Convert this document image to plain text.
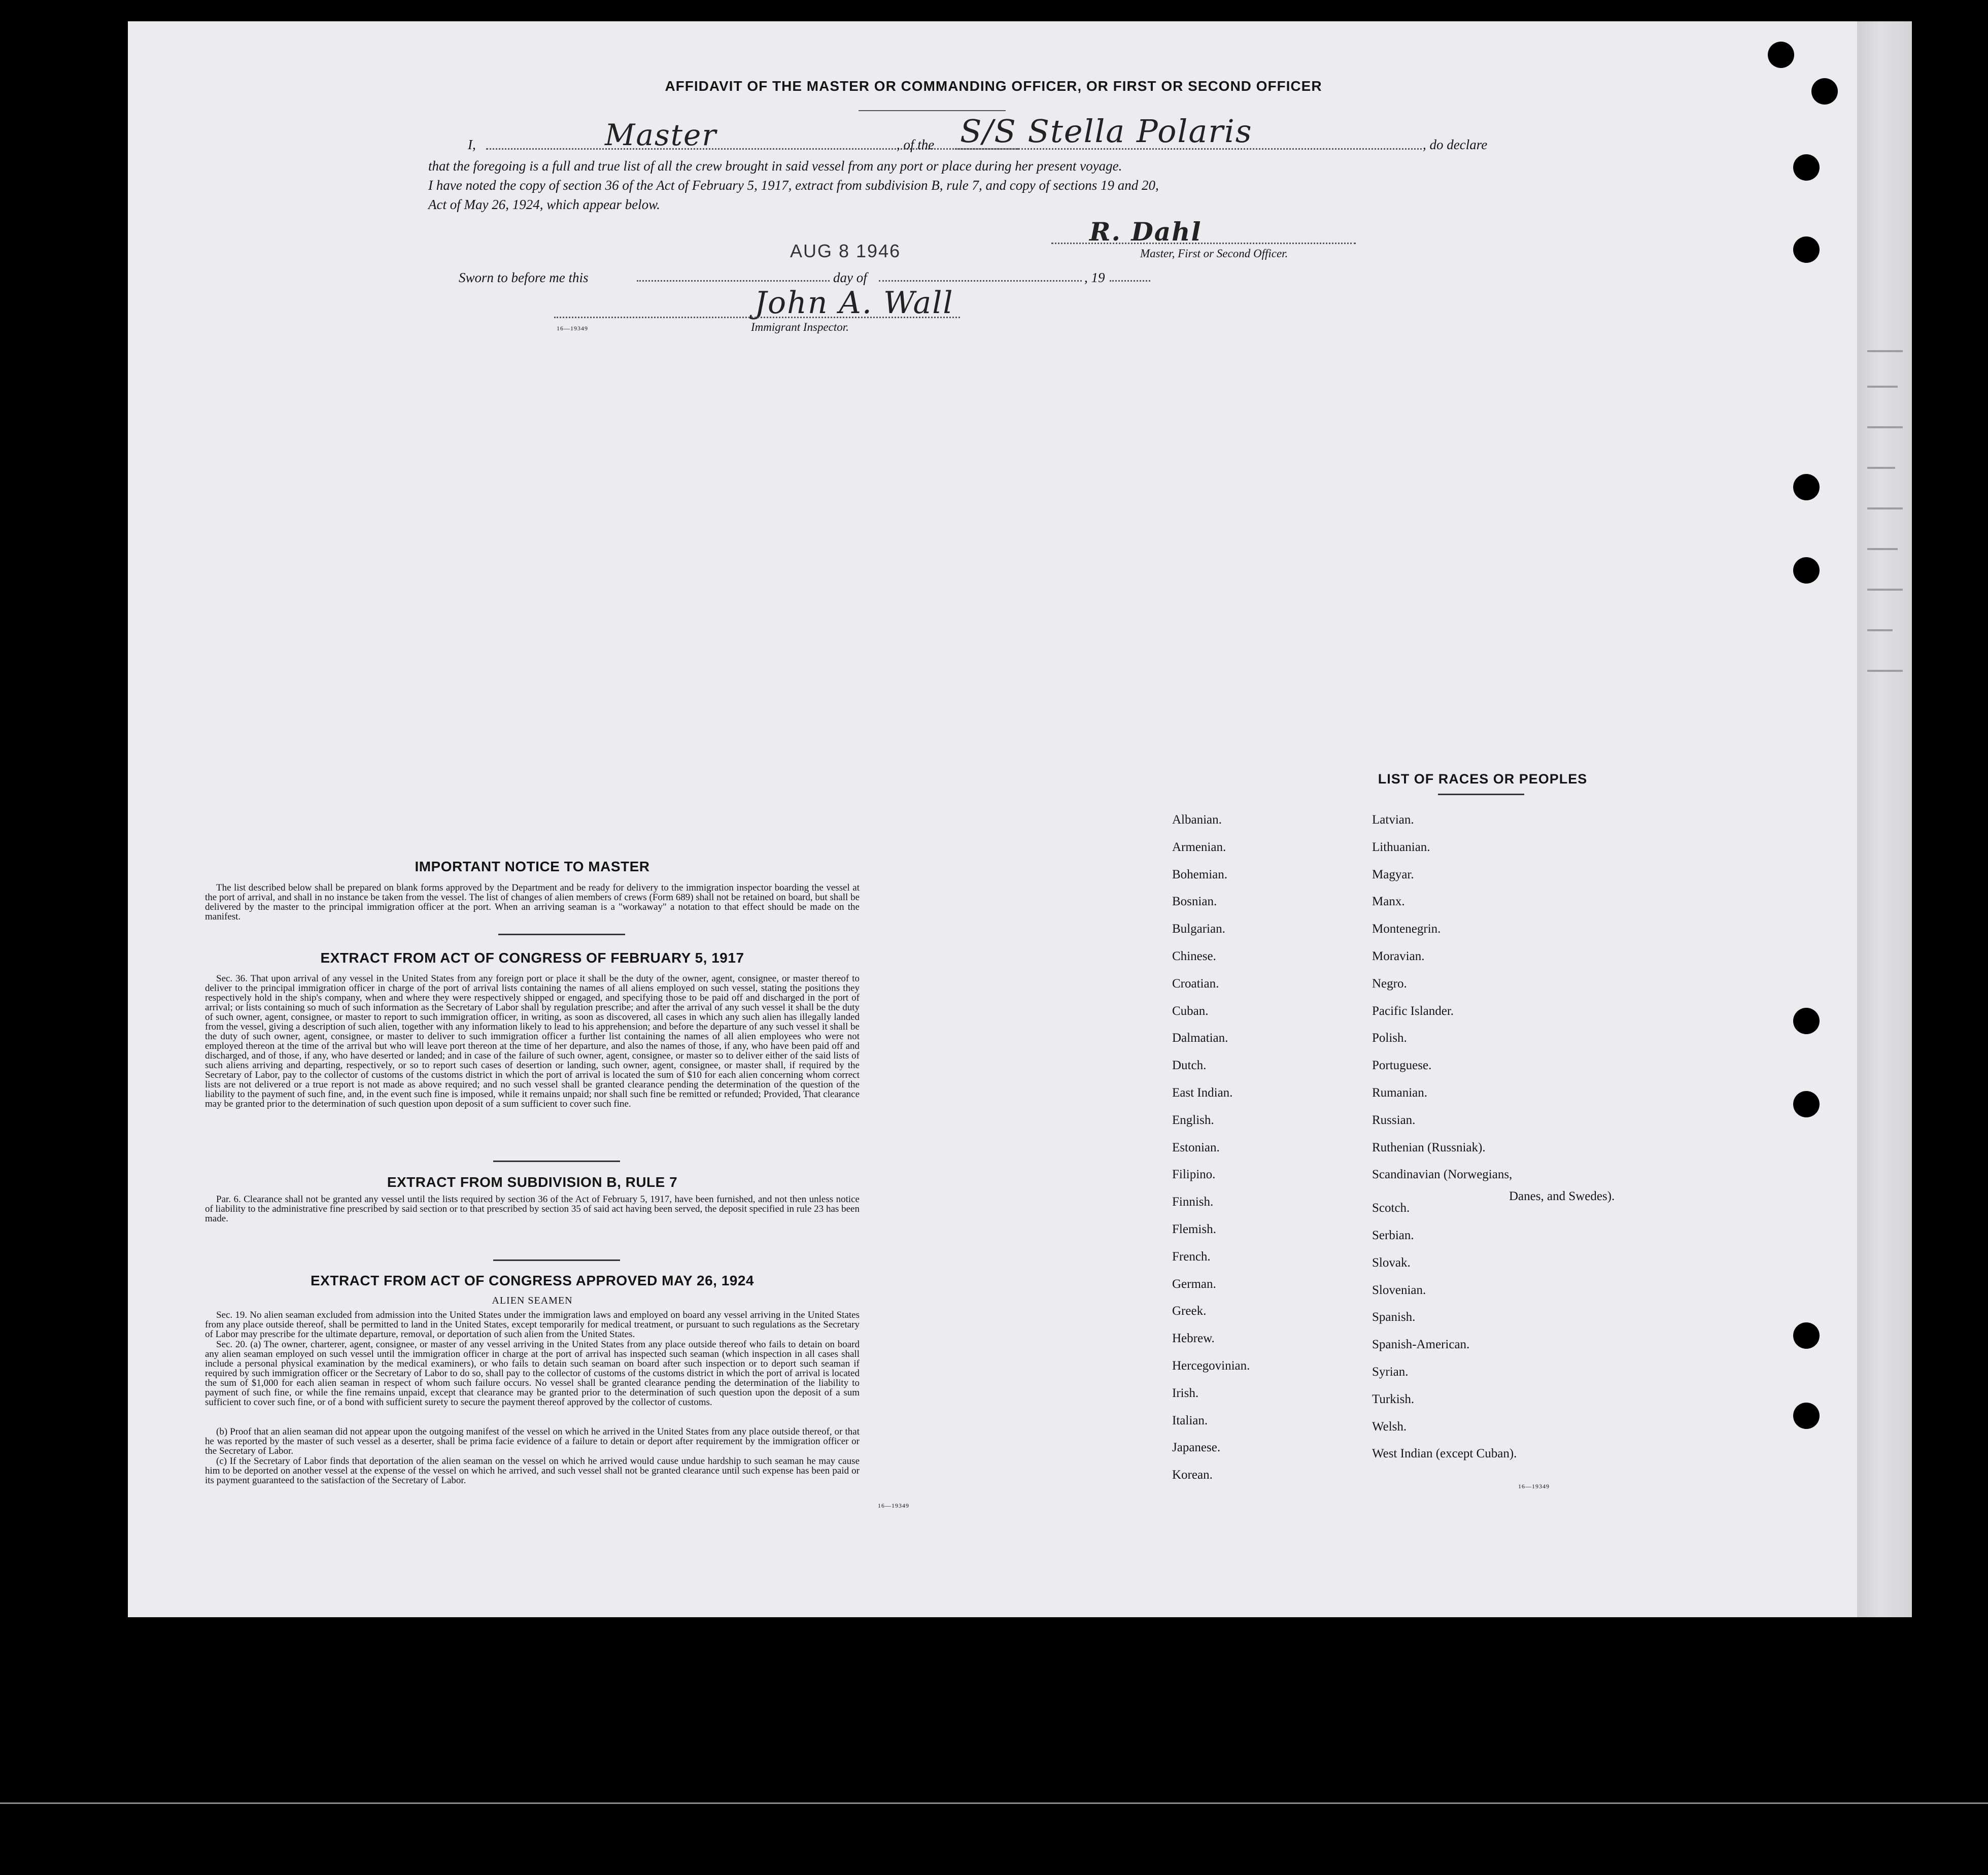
AFFIDAVIT OF THE MASTER OR COMMANDING OFFICER, OR FIRST OR SECOND OFFICER
I,	Master	, of the S/S Stella Polaris	, do declare
that the foregoing is a full and true list of all the crew brought in said vessel from any port or place during her present voyage.
I have noted the copy of section 36 of the Act of February 5, 1917, extract from subdivision B, rule 7, and copy of sections 19 and 20,
Act of May 26, 1924, which appear below.
AUG 8 1946
R. Dahl
Master, First or Second Officer.
Sworn to before me this	day of	, 19
John A. Wall
16—19349	Immigrant Inspector.
IMPORTANT NOTICE TO MASTER
The list described below shall be prepared on blank forms approved by the Department and be ready for delivery to the immigration inspector boarding the vessel at the port of arrival, and shall in no instance be taken from the vessel. The list of changes of alien members of crews (Form 689) shall not be retained on board, but shall be delivered by the master to the principal immigration officer at the port. When an arriving seaman is a "workaway" a notation to that effect should be made on the manifest.
EXTRACT FROM ACT OF CONGRESS OF FEBRUARY 5, 1917
Sec. 36. That upon arrival of any vessel in the United States from any foreign port or place it shall be the duty of the owner, agent, consignee, or master thereof to deliver to the principal immigration officer in charge of the port of arrival lists containing the names of all aliens employed on such vessel, stating the positions they respectively hold in the ship's company, when and where they were respectively shipped or engaged, and specifying those to be paid off and discharged in the port of arrival; or lists containing so much of such information as the Secretary of Labor shall by regulation prescribe; and after the arrival of any such vessel it shall be the duty of such owner, agent, consignee, or master to report to such immigration officer, in writing, as soon as discovered, all cases in which any such alien has illegally landed from the vessel, giving a description of such alien, together with any information likely to lead to his apprehension; and before the departure of any such vessel it shall be the duty of such owner, agent, consignee, or master to deliver to such immigration officer a further list containing the names of all alien employees who were not employed thereon at the time of the arrival but who will leave port thereon at the time of her departure, and also the names of those, if any, who have been paid off and discharged, and of those, if any, who have deserted or landed; and in case of the failure of such owner, agent, consignee, or master so to deliver either of the said lists of such aliens arriving and departing, respectively, or so to report such cases of desertion or landing, such owner, agent, consignee, or master shall, if required by the Secretary of Labor, pay to the collector of customs of the customs district in which the port of arrival is located the sum of $10 for each alien concerning whom correct lists are not delivered or a true report is not made as above required; and no such vessel shall be granted clearance pending the determination of the question of the liability to the payment of such fine, and, in the event such fine is imposed, while it remains unpaid; nor shall such fine be remitted or refunded; Provided, That clearance may be granted prior to the determination of such question upon deposit of a sum sufficient to cover such fine.
EXTRACT FROM SUBDIVISION B, RULE 7
Par. 6. Clearance shall not be granted any vessel until the lists required by section 36 of the Act of February 5, 1917, have been furnished, and not then unless notice of liability to the administrative fine prescribed by said section or to that prescribed by section 35 of said act having been served, the deposit specified in rule 23 has been made.
EXTRACT FROM ACT OF CONGRESS APPROVED MAY 26, 1924
ALIEN SEAMEN
Sec. 19. No alien seaman excluded from admission into the United States under the immigration laws and employed on board any vessel arriving in the United States from any place outside thereof, shall be permitted to land in the United States, except temporarily for medical treatment, or pursuant to such regulations as the Secretary of Labor may prescribe for the ultimate departure, removal, or deportation of such alien from the United States.
Sec. 20. (a) The owner, charterer, agent, consignee, or master of any vessel arriving in the United States from any place outside thereof who fails to detain on board any alien seaman employed on such vessel until the immigration officer in charge at the port of arrival has inspected such seaman (which inspection in all cases shall include a personal physical examination by the medical examiners), or who fails to detain such seaman on board after such inspection or to deport such seaman if required by such immigration officer or the Secretary of Labor to do so, shall pay to the collector of customs of the customs district in which the port of arrival is located the sum of $1,000 for each alien seaman in respect of whom such failure occurs. No vessel shall be granted clearance pending the determination of the liability to payment of such fine, or while the fine remains unpaid, except that clearance may be granted prior to the determination of such question upon the deposit of a sum sufficient to cover such fine, or of a bond with sufficient surety to secure the payment thereof approved by the collector of customs.
(b) Proof that an alien seaman did not appear upon the outgoing manifest of the vessel on which he arrived in the United States from any place outside thereof, or that he was reported by the master of such vessel as a deserter, shall be prima facie evidence of a failure to detain or deport after requirement by the immigration officer or the Secretary of Labor.
(c) If the Secretary of Labor finds that deportation of the alien seaman on the vessel on which he arrived would cause undue hardship to such seaman he may cause him to be deported on another vessel at the expense of the vessel on which he arrived, and such vessel shall not be granted clearance until such expense has been paid or its payment guaranteed to the satisfaction of the Secretary of Labor.
16—19349
LIST OF RACES OR PEOPLES
Danes, and Swedes).
16—19349
Albanian.
Armenian.
Bohemian.
Bosnian.
Bulgarian.
Chinese.
Croatian.
Cuban.
Dalmatian.
Dutch.
East Indian.
English.
Estonian.
Filipino.
Finnish.
Flemish.
French.
German.
Greek.
Hebrew.
Hercegovinian.
Irish.
Italian.
Japanese.
Korean.
Latvian.
Lithuanian.
Magyar.
Manx.
Montenegrin.
Moravian.
Negro.
Pacific Islander.
Polish.
Portuguese.
Rumanian.
Russian.
Ruthenian (Russniak).
Scandinavian (Norwegians,
Scotch.
Serbian.
Slovak.
Slovenian.
Spanish.
Spanish-American.
Syrian.
Turkish.
Welsh.
West Indian (except Cuban).
